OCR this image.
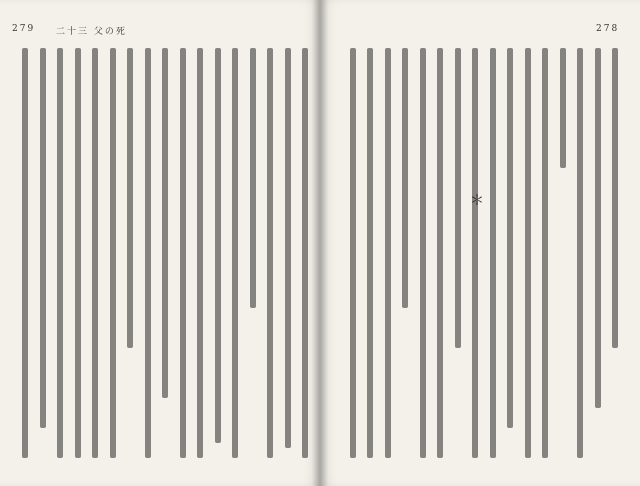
279 二十三 父の死	278
＊
